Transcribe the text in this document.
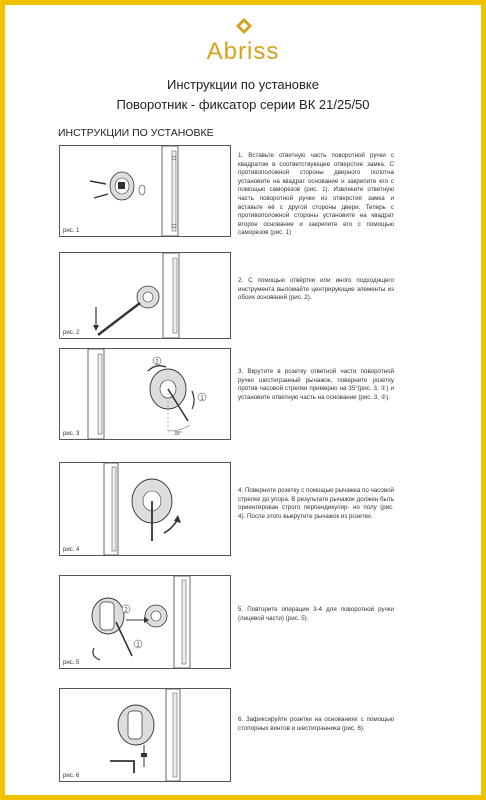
Abriss
Инструкции по установке
Поворотник - фиксатор серии ВК 21/25/50
ИНСТРУКЦИИ ПО УСТАНОВКЕ
рис. 1
1. Вставьте ответную часть поворотной ручки с квадратом в соответствующее отверстие замка. С противоположной стороны дверного полотна установите на квадрат основание и закрепите его с помощью саморезов (рис. 1). Извлеките ответную часть поворотной ручки из отверстия замка и вставьте её с другой стороны двери. Теперь с противоположной стороны установите на квадрат второе основание и закрепите его с помощью саморезов (рис. 1)
рис. 2
2. С помощью отвёртки или иного подходящего инструмента выломайте центрирующие элементы из обоих оснований (рис. 2).
2
1
35°
рис. 3
3. Вкрутите в розетку ответной части поворотной ручки шестигранный рычажок, поверните розетку против часовой стрелки примерно на 35°(рис. 3, ①) и установите ответную часть на основание (рис. 3, ②).
рис. 4
4. Поверните розетку с помощью рычажка по часовой стрелке до упора. В результате рычажок должен быть ориентирован строго перпендикуляр- но полу (рис. 4). После этого выкрутите рычажок из розетки.
2
1
рис. 5
5. Повторите операции 3-4 для поворотной ручки (лицевой части) (рис. 5).
рис. 6
6. Зафиксируйте розетки на основаниях с помощью стопорных винтов и шестигранника (рис. 6).
